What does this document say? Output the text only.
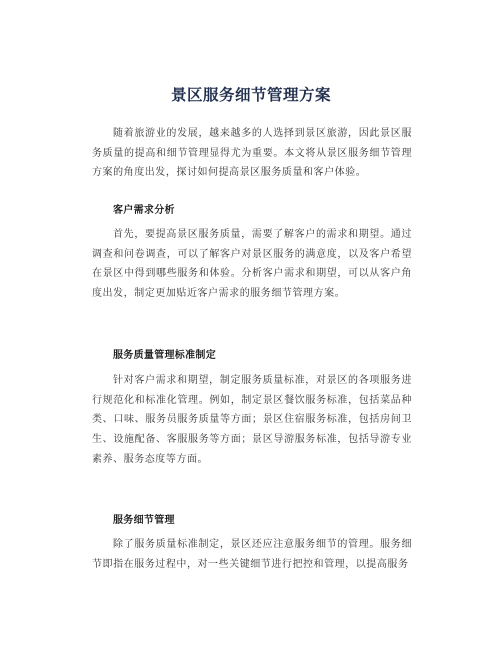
景区服务细节管理方案

随着旅游业的发展，越来越多的人选择到景区旅游，因此景区服务质量的提高和细节管理显得尤为重要。本文将从景区服务细节管理方案的角度出发，探讨如何提高景区服务质量和客户体验。

客户需求分析

首先，要提高景区服务质量，需要了解客户的需求和期望。通过调查和问卷调查，可以了解客户对景区服务的满意度，以及客户希望在景区中得到哪些服务和体验。分析客户需求和期望，可以从客户角度出发，制定更加贴近客户需求的服务细节管理方案。

服务质量管理标准制定

针对客户需求和期望，制定服务质量标准，对景区的各项服务进行规范化和标准化管理。例如，制定景区餐饮服务标准，包括菜品种类、口味、服务员服务质量等方面；景区住宿服务标准，包括房间卫生、设施配备、客服服务等方面；景区导游服务标准，包括导游专业素养、服务态度等方面。

服务细节管理

除了服务质量标准制定，景区还应注意服务细节的管理。服务细节即指在服务过程中，对一些关键细节进行把控和管理，以提高服务
